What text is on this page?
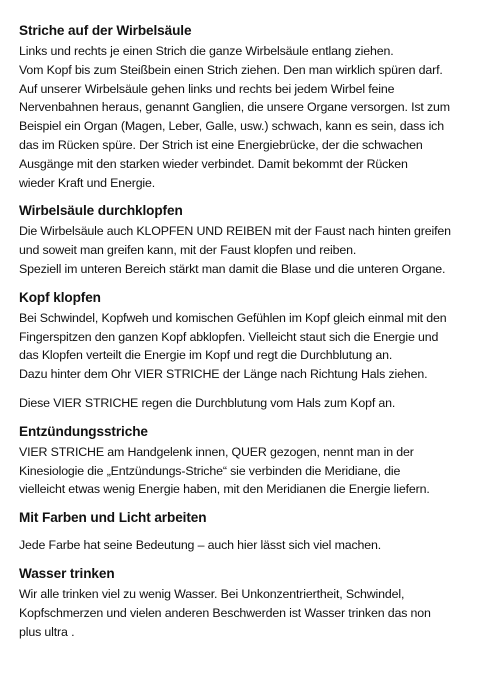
Striche auf der Wirbelsäule

Links und rechts je einen Strich die ganze Wirbelsäule entlang ziehen.

Vom Kopf bis zum Steißbein einen Strich ziehen. Den man wirklich spüren darf.

Auf unserer Wirbelsäule gehen links und rechts bei jedem Wirbel feine

Nervenbahnen heraus, genannt Ganglien, die unsere Organe versorgen. Ist zum

Beispiel ein Organ (Magen, Leber, Galle, usw.) schwach, kann es sein, dass ich

das im Rücken spüre. Der Strich ist eine Energiebrücke, der die schwachen

Ausgänge mit den starken wieder verbindet. Damit bekommt der Rücken

wieder Kraft und Energie.

Wirbelsäule durchklopfen

Die Wirbelsäule auch KLOPFEN UND REIBEN mit der Faust nach hinten greifen

und soweit man greifen kann, mit der Faust klopfen und reiben.

Speziell im unteren Bereich stärkt man damit die Blase und die unteren Organe.

Kopf klopfen

Bei Schwindel, Kopfweh und komischen Gefühlen im Kopf gleich einmal mit den

Fingerspitzen den ganzen Kopf abklopfen. Vielleicht staut sich die Energie und

das Klopfen verteilt die Energie im Kopf und regt die Durchblutung an.

Dazu hinter dem Ohr VIER STRICHE der Länge nach Richtung Hals ziehen.

Diese VIER STRICHE regen die Durchblutung vom Hals zum Kopf an.

Entzündungsstriche

VIER STRICHE am Handgelenk innen, QUER gezogen, nennt man in der

Kinesiologie die „Entzündungs-Striche“ sie verbinden die Meridiane, die

vielleicht etwas wenig Energie haben, mit den Meridianen die Energie liefern.

Mit Farben und Licht arbeiten

Jede Farbe hat seine Bedeutung – auch hier lässt sich viel machen.

Wasser trinken

Wir alle trinken viel zu wenig Wasser. Bei Unkonzentriertheit, Schwindel,

Kopfschmerzen und vielen anderen Beschwerden ist Wasser trinken das non

plus ultra .
